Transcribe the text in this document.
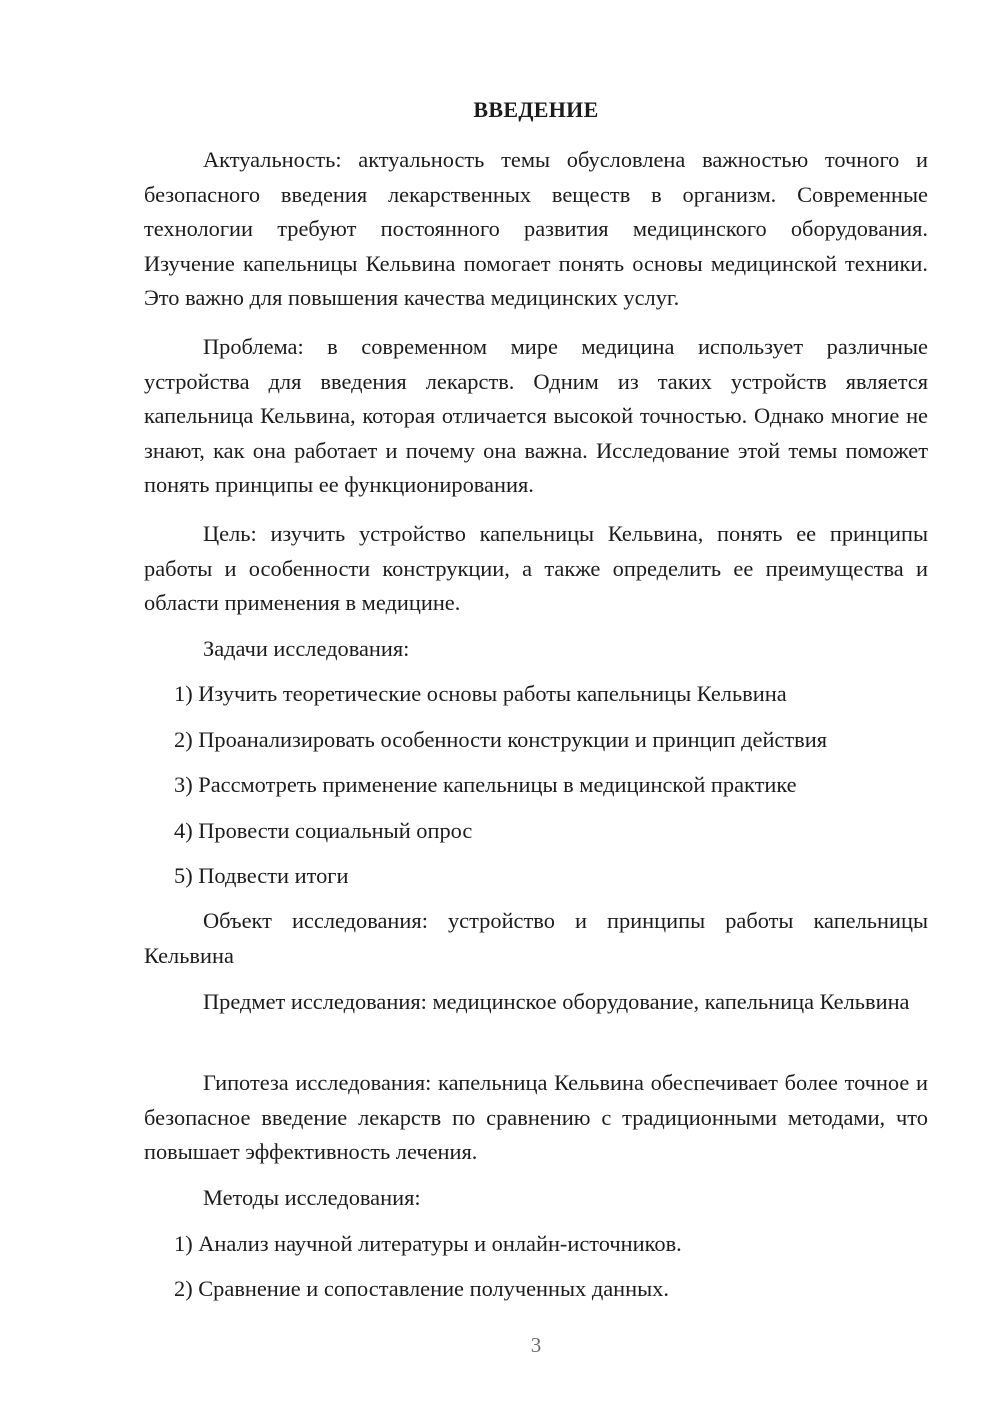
ВВЕДЕНИЕ

Актуальность: актуальность темы обусловлена важностью точного и безопасного введения лекарственных веществ в организм. Современные технологии требуют постоянного развития медицинского оборудования. Изучение капельницы Кельвина помогает понять основы медицинской техники. Это важно для повышения качества медицинских услуг.

Проблема: в современном мире медицина использует различные устройства для введения лекарств. Одним из таких устройств является капельница Кельвина, которая отличается высокой точностью. Однако многие не знают, как она работает и почему она важна. Исследование этой темы поможет понять принципы ее функционирования.

Цель: изучить устройство капельницы Кельвина, понять ее принципы работы и особенности конструкции, а также определить ее преимущества и области применения в медицине.

Задачи исследования:

1) Изучить теоретические основы работы капельницы Кельвина

2) Проанализировать особенности конструкции и принцип действия

3) Рассмотреть применение капельницы в медицинской практике

4) Провести социальный опрос

5) Подвести итоги

Объект исследования: устройство и принципы работы капельницы Кельвина

Предмет исследования: медицинское оборудование, капельница Кельвина

Гипотеза исследования: капельница Кельвина обеспечивает более точное и безопасное введение лекарств по сравнению с традиционными методами, что повышает эффективность лечения.

Методы исследования:

1) Анализ научной литературы и онлайн-источников.

2) Сравнение и сопоставление полученных данных.

3
